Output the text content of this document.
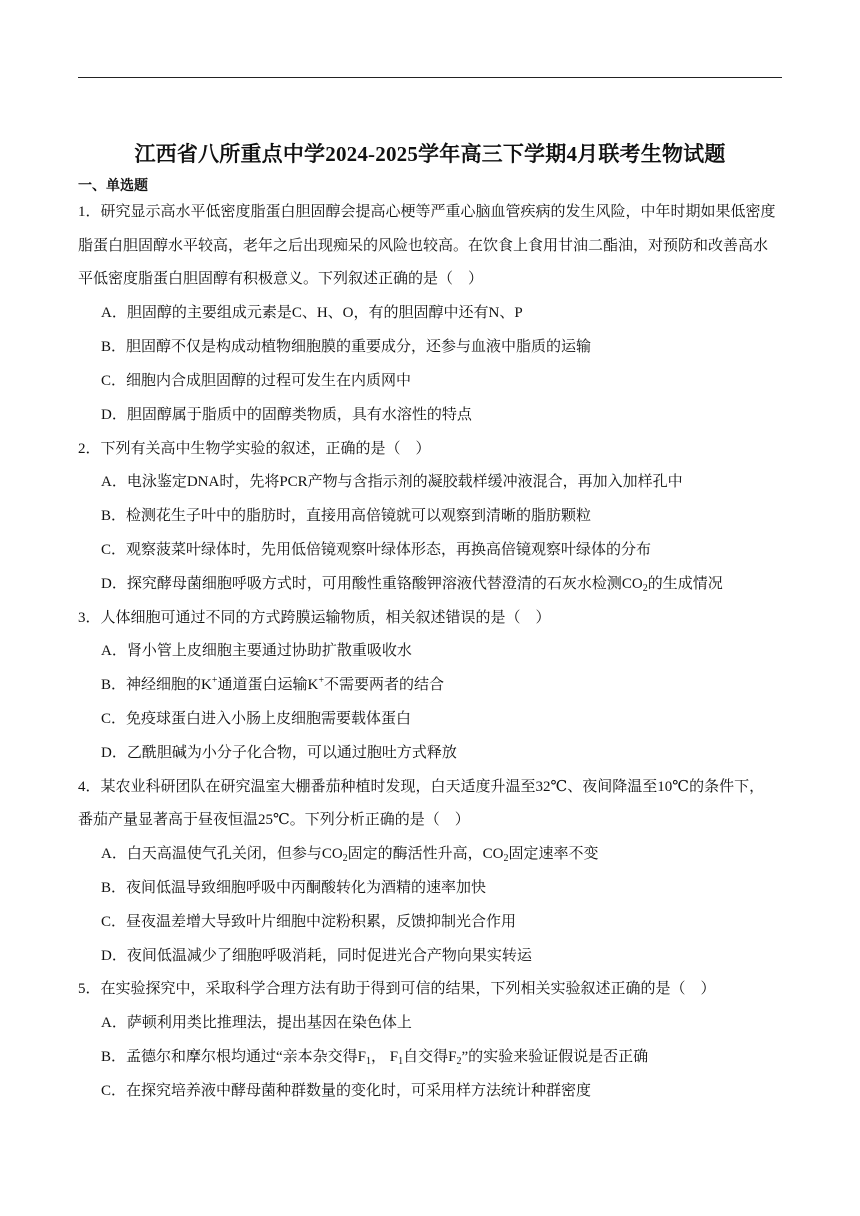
江西省八所重点中学2024-2025学年高三下学期4月联考生物试题
一、单选题
1．研究显示高水平低密度脂蛋白胆固醇会提高心梗等严重心脑血管疾病的发生风险，中年时期如果低密度
脂蛋白胆固醇水平较高，老年之后出现痴呆的风险也较高。在饮食上食用甘油二酯油，对预防和改善高水
平低密度脂蛋白胆固醇有积极意义。下列叙述正确的是（　）
A．胆固醇的主要组成元素是C、H、O，有的胆固醇中还有N、P
B．胆固醇不仅是构成动植物细胞膜的重要成分，还参与血液中脂质的运输
C．细胞内合成胆固醇的过程可发生在内质网中
D．胆固醇属于脂质中的固醇类物质，具有水溶性的特点
2．下列有关高中生物学实验的叙述，正确的是（　）
A．电泳鉴定DNA时，先将PCR产物与含指示剂的凝胶载样缓冲液混合，再加入加样孔中
B．检测花生子叶中的脂肪时，直接用高倍镜就可以观察到清晰的脂肪颗粒
C．观察菠菜叶绿体时，先用低倍镜观察叶绿体形态，再换高倍镜观察叶绿体的分布
D．探究酵母菌细胞呼吸方式时，可用酸性重铬酸钾溶液代替澄清的石灰水检测$CO_2$的生成情况
3．人体细胞可通过不同的方式跨膜运输物质，相关叙述错误的是（　）
A．肾小管上皮细胞主要通过协助扩散重吸收水
B．神经细胞的K+通道蛋白运输K+不需要两者的结合
C．免疫球蛋白进入小肠上皮细胞需要载体蛋白
D．乙酰胆碱为小分子化合物，可以通过胞吐方式释放
4．某农业科研团队在研究温室大棚番茄种植时发现，白天适度升温至32℃、夜间降温至10℃的条件下，
番茄产量显著高于昼夜恒温25℃。下列分析正确的是（　）
A．白天高温使气孔关闭，但参与$CO_2$固定的酶活性升高，$CO_2$固定速率不变
B．夜间低温导致细胞呼吸中丙酮酸转化为酒精的速率加快
C．昼夜温差增大导致叶片细胞中淀粉积累，反馈抑制光合作用
D．夜间低温减少了细胞呼吸消耗，同时促进光合产物向果实转运
5．在实验探究中，采取科学合理方法有助于得到可信的结果，下列相关实验叙述正确的是（　）
A．萨顿利用类比推理法，提出基因在染色体上
B．孟德尔和摩尔根均通过“亲本杂交得$F_1$， $F_1$自交得$F_2$”的实验来验证假说是否正确
C．在探究培养液中酵母菌种群数量的变化时，可采用样方法统计种群密度
